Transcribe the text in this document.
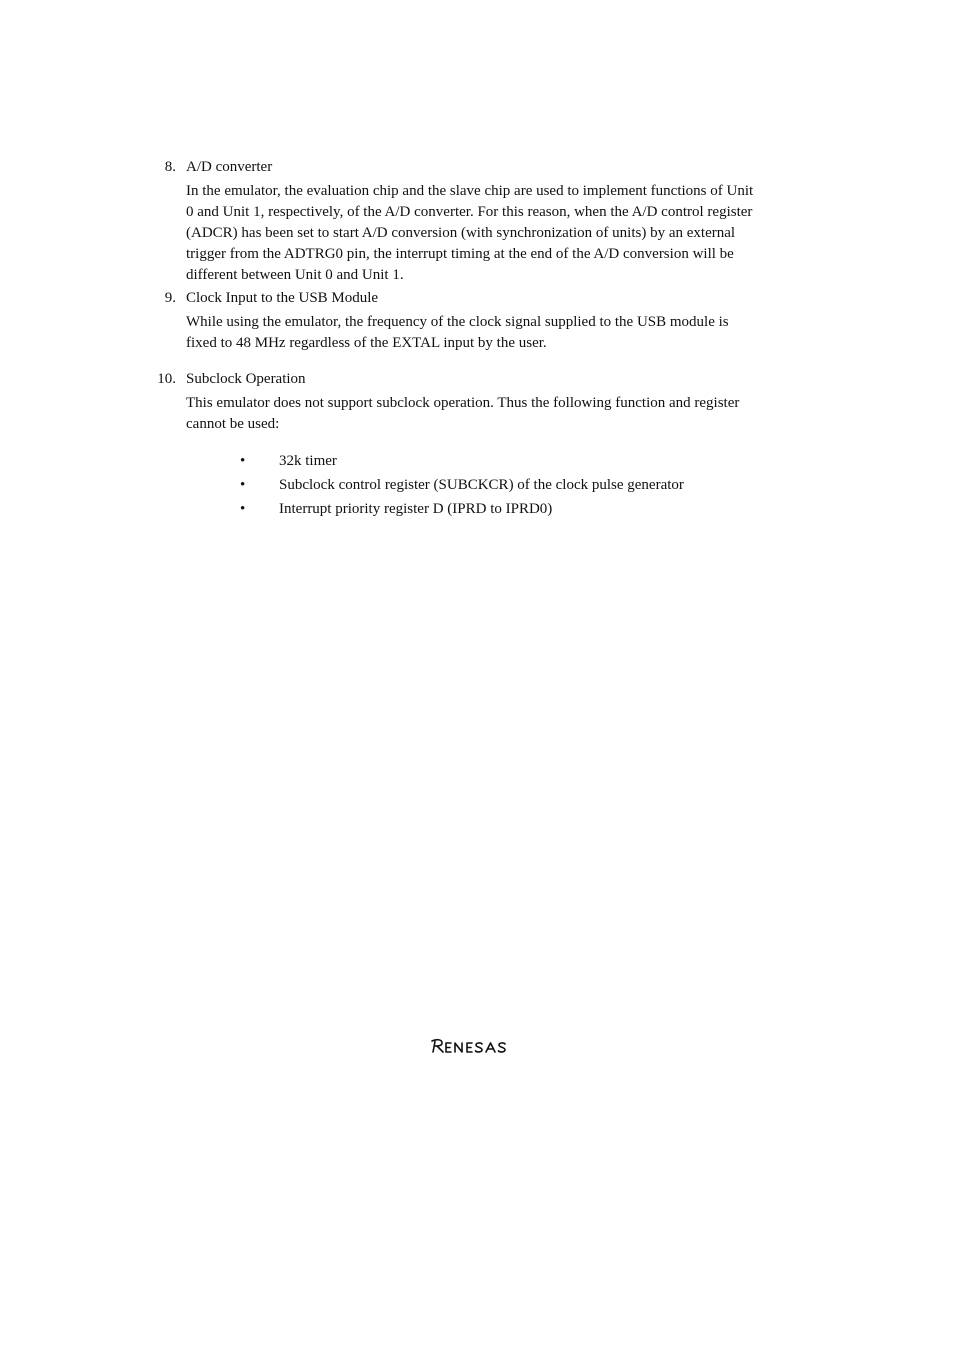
8. A/D converter
In the emulator, the evaluation chip and the slave chip are used to implement functions of Unit
0 and Unit 1, respectively, of the A/D converter. For this reason, when the A/D control register
(ADCR) has been set to start A/D conversion (with synchronization of units) by an external
trigger from the ADTRG0 pin, the interrupt timing at the end of the A/D conversion will be
different between Unit 0 and Unit 1.
9. Clock Input to the USB Module
While using the emulator, the frequency of the clock signal supplied to the USB module is
fixed to 48 MHz regardless of the EXTAL input by the user.
10. Subclock Operation
This emulator does not support subclock operation. Thus the following function and register
cannot be used:
• 32k timer
• Subclock control register (SUBCKCR) of the clock pulse generator
• Interrupt priority register D (IPRD to IPRD0)
